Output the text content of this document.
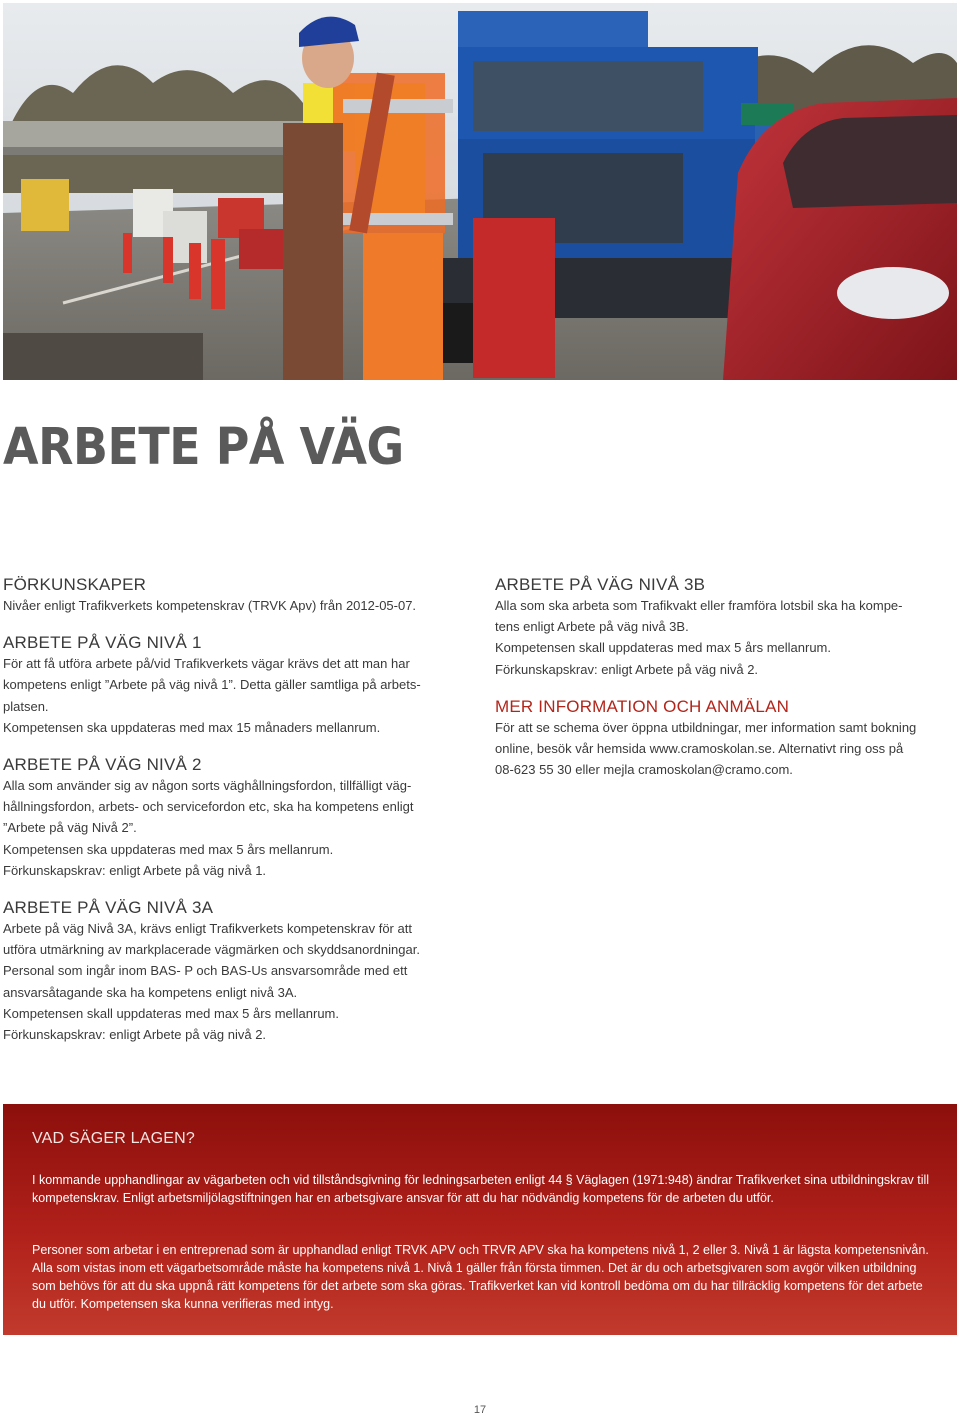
ARBETE PÅ VÄG
FÖRKUNSKAPER

Nivåer enligt Trafikverkets kompetenskrav (TRVK Apv) från 2012-05-07.

ARBETE PÅ VÄG NIVÅ 1

För att få utföra arbete på/vid Trafikverkets vägar krävs det att man har
kompetens enligt ”Arbete på väg nivå 1”. Detta gäller samtliga på arbets-
platsen.
Kompetensen ska uppdateras med max 15 månaders mellanrum.

ARBETE PÅ VÄG NIVÅ 2

Alla som använder sig av någon sorts väghållningsfordon, tillfälligt väg-
hållningsfordon, arbets- och servicefordon etc, ska ha kompetens enligt
”Arbete på väg Nivå 2”.
Kompetensen ska uppdateras med max 5 års mellanrum.
Förkunskapskrav: enligt Arbete på väg nivå 1.

ARBETE PÅ VÄG NIVÅ 3A

Arbete på väg Nivå 3A, krävs enligt Trafikverkets kompetenskrav för att
utföra utmärkning av markplacerade vägmärken och skyddsanordningar.
Personal som ingår inom BAS- P och BAS-Us ansvarsområde med ett
ansvarsåtagande ska ha kompetens enligt nivå 3A.
Kompetensen skall uppdateras med max 5 års mellanrum.
Förkunskapskrav: enligt Arbete på väg nivå 2.

ARBETE PÅ VÄG NIVÅ 3B

Alla som ska arbeta som Trafikvakt eller framföra lotsbil ska ha kompe-
tens enligt Arbete på väg nivå 3B.
Kompetensen skall uppdateras med max 5 års mellanrum.
Förkunskapskrav: enligt Arbete på väg nivå 2.

MER INFORMATION OCH ANMÄLAN

För att se schema över öppna utbildningar, mer information samt bokning
online, besök vår hemsida www.cramoskolan.se. Alternativt ring oss på
08-623 55 30 eller mejla cramoskolan@cramo.com.

VAD SÄGER LAGEN?

I kommande upphandlingar av vägarbeten och vid tillståndsgivning för ledningsarbeten enligt 44 § Väglagen (1971:948) ändrar Trafikverket sina utbildningskrav till kompetenskrav. Enligt arbetsmiljölagstiftningen har en arbetsgivare ansvar för att du har nödvändig kompetens för de arbeten du utför.

Personer som arbetar i en entreprenad som är upphandlad enligt TRVK APV och TRVR APV ska ha kompetens nivå 1, 2 eller 3. Nivå 1 är lägsta kompetensnivån. Alla som vistas inom ett vägarbetsområde måste ha kompetens nivå 1. Nivå 1 gäller från första timmen. Det är du och arbetsgivaren som avgör vilken utbildning som behövs för att du ska uppnå rätt kompetens för det arbete som ska göras. Trafikverket kan vid kontroll bedöma om du har tillräcklig kompetens för det arbete du utför. Kompetensen ska kunna verifieras med intyg.

17
